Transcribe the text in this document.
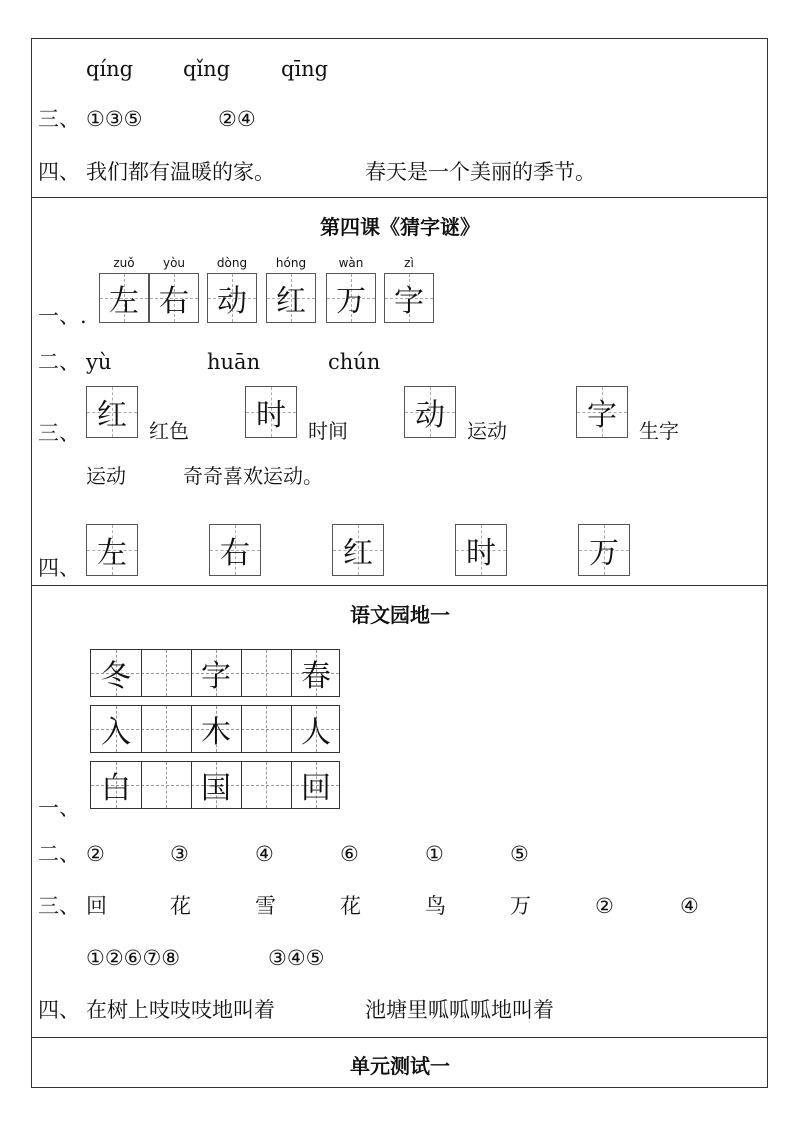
qíng qǐng qīng
三、 ①③⑤	②④
四、 我们都有温暖的家。	春天是一个美丽的季节。
第四课《猜字谜》
一、.
zuǒ	yòu	dòng	hóng	wàn	zì
左 右 动 红 万 字
二、 yù	huān	chún
三、 红 红色 时 时间 动 运动	字 生字
运动	奇奇喜欢运动。
四、 左	右	红	时	万
语文园地一
一、
冬	字	春
入	木	人
白	国	回
二、 ②	③	④	⑥	①	⑤
三、 回	花	雪	花	鸟	万	②	④
①②⑥⑦⑧	③④⑤
四、 在树上吱吱吱地叫着	池塘里呱呱呱地叫着
单元测试一
